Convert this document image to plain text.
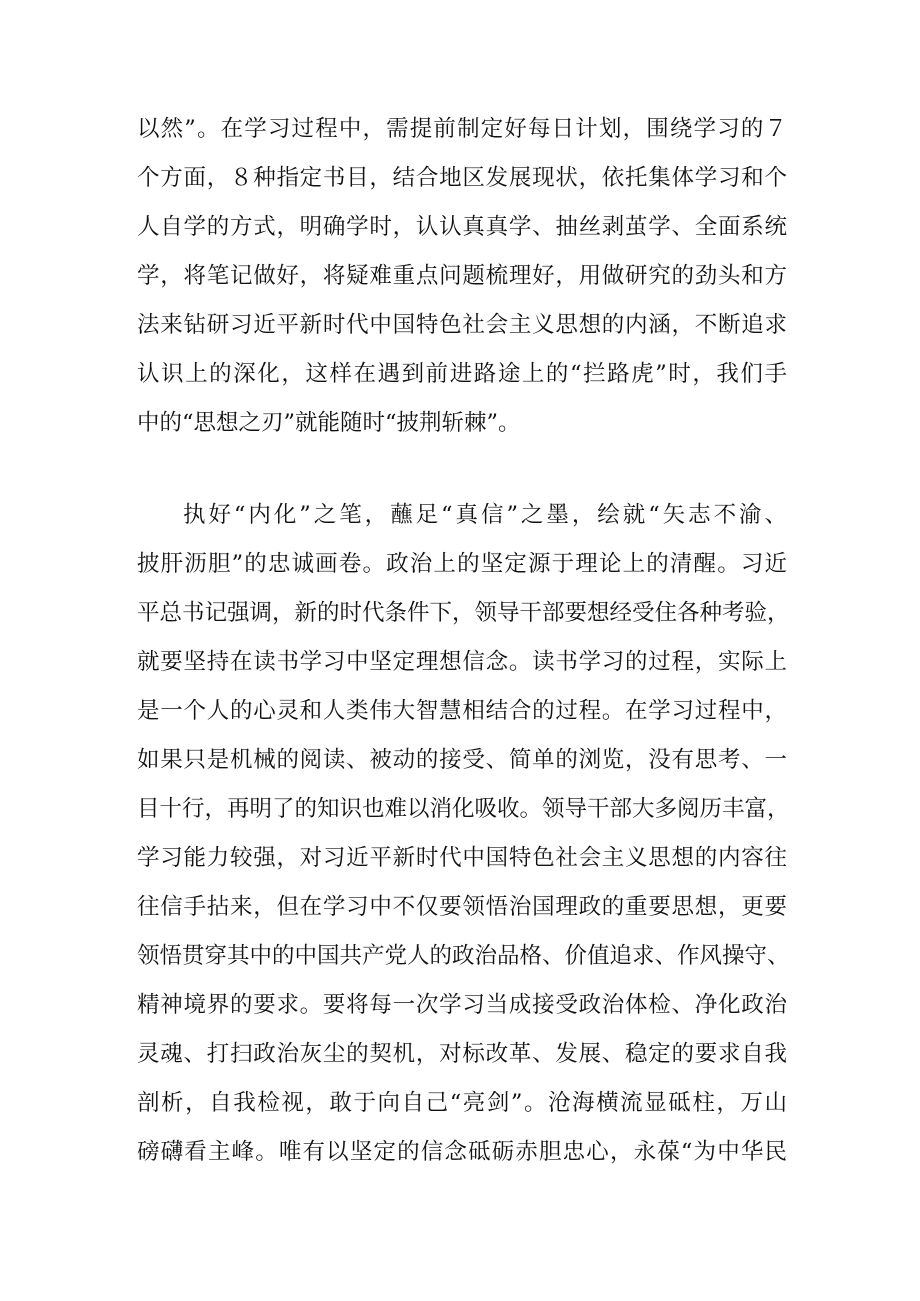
以然”。在学习过程中，需提前制定好每日计划，围绕学习的７
个方面，８种指定书目，结合地区发展现状，依托集体学习和个
人自学的方式，明确学时，认认真真学、抽丝剥茧学、全面系统
学，将笔记做好，将疑难重点问题梳理好，用做研究的劲头和方
法来钻研习近平新时代中国特色社会主义思想的内涵，不断追求
认识上的深化，这样在遇到前进路途上的“拦路虎”时，我们手
中的“思想之刃”就能随时“披荆斩棘”。
执好“内化”之笔，蘸足“真信”之墨，绘就“矢志不渝、
披肝沥胆”的忠诚画卷。政治上的坚定源于理论上的清醒。习近
平总书记强调，新的时代条件下，领导干部要想经受住各种考验，
就要坚持在读书学习中坚定理想信念。读书学习的过程，实际上
是一个人的心灵和人类伟大智慧相结合的过程。在学习过程中，
如果只是机械的阅读、被动的接受、简单的浏览，没有思考、一
目十行，再明了的知识也难以消化吸收。领导干部大多阅历丰富，
学习能力较强，对习近平新时代中国特色社会主义思想的内容往
往信手拈来，但在学习中不仅要领悟治国理政的重要思想，更要
领悟贯穿其中的中国共产党人的政治品格、价值追求、作风操守、
精神境界的要求。要将每一次学习当成接受政治体检、净化政治
灵魂、打扫政治灰尘的契机，对标改革、发展、稳定的要求自我
剖析，自我检视，敢于向自己“亮剑”。沧海横流显砥柱，万山
磅礴看主峰。唯有以坚定的信念砥砺赤胆忠心，永葆“为中华民
